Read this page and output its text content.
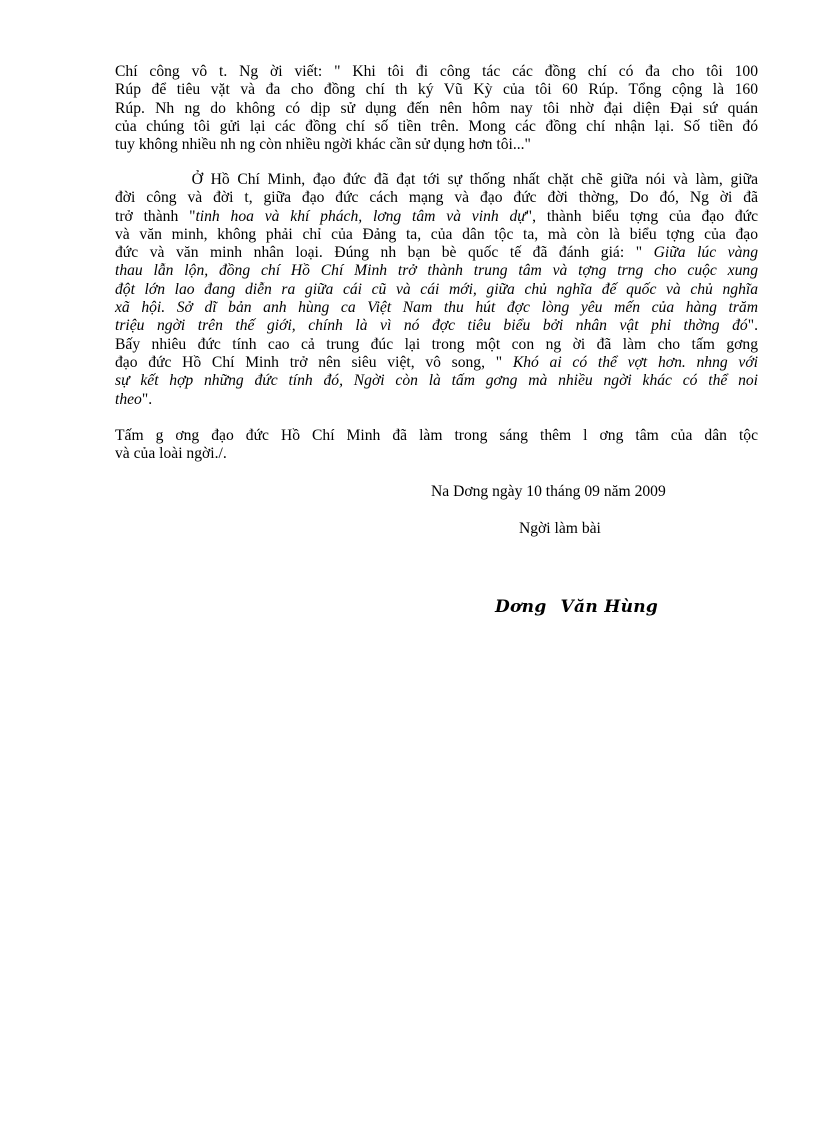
Chí công vô t. Ng ời viết: " Khi tôi đi công tác các đồng chí có đa cho tôi 100
Rúp để tiêu vặt và đa cho đồng chí th ký Vũ Kỳ của tôi 60 Rúp. Tổng cộng là 160
Rúp. Nh ng do không có dịp sử dụng đến nên hôm nay tôi nhờ đại diện Đại sứ quán
của chúng tôi gửi lại các đồng chí số tiền trên. Mong các đồng chí nhận lại. Số tiền đó
tuy không nhiều nh ng còn nhiều ngời khác cần sử dụng hơn tôi..."

Ở Hồ Chí Minh, đạo đức đã đạt tới sự thống nhất chặt chẽ giữa nói và làm, giữa
đời công và đời t, giữa đạo đức cách mạng và đạo đức đời thờng, Do đó, Ng ời đã
trở thành "tinh hoa và khí phách, lơng tâm và vinh dự", thành biểu tợng của đạo đức
và văn minh, không phải chỉ của Đảng ta, của dân tộc ta, mà còn là biểu tợng của đạo
đức và văn minh nhân loại. Đúng nh bạn bè quốc tế đã đánh giá: " Giữa lúc vàng
thau lẫn lộn, đồng chí Hồ Chí Minh trở thành trung tâm và tợng trng cho cuộc xung
đột lớn lao đang diễn ra giữa cái cũ và cái mới, giữa chủ nghĩa đế quốc và chủ nghĩa
xã hội. Sở dĩ bản anh hùng ca Việt Nam thu hút đợc lòng yêu mến của hàng trăm
triệu ngời trên thế giới, chính là vì nó đợc tiêu biểu bởi nhân vật phi thờng đó".
Bấy nhiêu đức tính cao cả trung đúc lại trong một con ng ời đã làm cho tấm gơng
đạo đức Hồ Chí Minh trở nên siêu việt, vô song, " Khó ai có thể vợt hơn. nhng với
sự kết hợp những đức tính đó, Ngời còn là tấm gơng mà nhiều ngời khác có thể noi
theo".

Tấm g ơng đạo đức Hồ Chí Minh đã làm trong sáng thêm l ơng tâm của dân tộc
và của loài ngời./.

Na Dơng ngày 10 tháng 09 năm 2009

Ngời làm bài

Dơng Văn Hùng
